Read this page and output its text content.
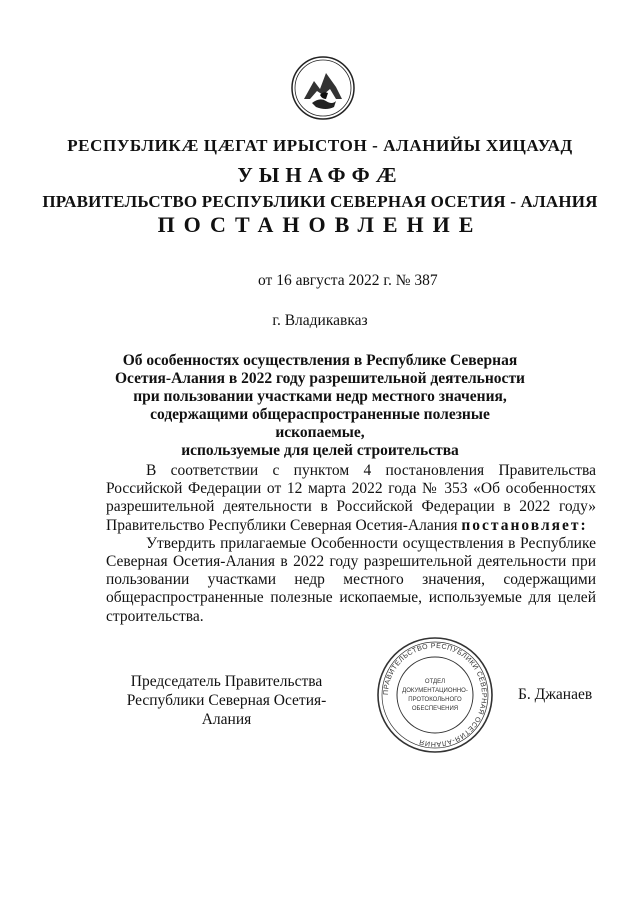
РЕСПУБЛИКӔ ЦӔГАТ ИРЫСТОН - АЛАНИЙЫ ХИЦАУАД
УЫНАФФӔ
ПРАВИТЕЛЬСТВО РЕСПУБЛИКИ СЕВЕРНАЯ ОСЕТИЯ - АЛАНИЯ
ПОСТАНОВЛЕНИЕ
от 16 августа 2022 г. № 387
г. Владикавказ
Об особенностях осуществления в Республике Северная
Осетия-Алания в 2022 году разрешительной деятельности
при пользовании участками недр местного значения,
содержащими общераспространенные полезные ископаемые,
используемые для целей строительства

В соответствии с пунктом 4 постановления Правительства Российской Федерации от 12 марта 2022 года № 353 «Об особенностях разрешительной деятельности в Российской Федерации в 2022 году» Правительство Республики Северная Осетия-Алания постановляет:

Утвердить прилагаемые Особенности осуществления в Республике Северная Осетия-Алания в 2022 году разрешительной деятельности при пользовании участками недр местного значения, содержащими общераспространенные полезные ископаемые, используемые для целей строительства.

Председатель Правительства
Республики Северная Осетия-Алания
ПРАВИТЕЛЬСТВО РЕСПУБЛИКИ СЕВЕРНАЯ ОСЕТИЯ-АЛАНИЯ
ОТДЕЛ
ДОКУМЕНТАЦИОННО-
ПРОТОКОЛЬНОГО
ОБЕСПЕЧЕНИЯ
Б. Джанаев
